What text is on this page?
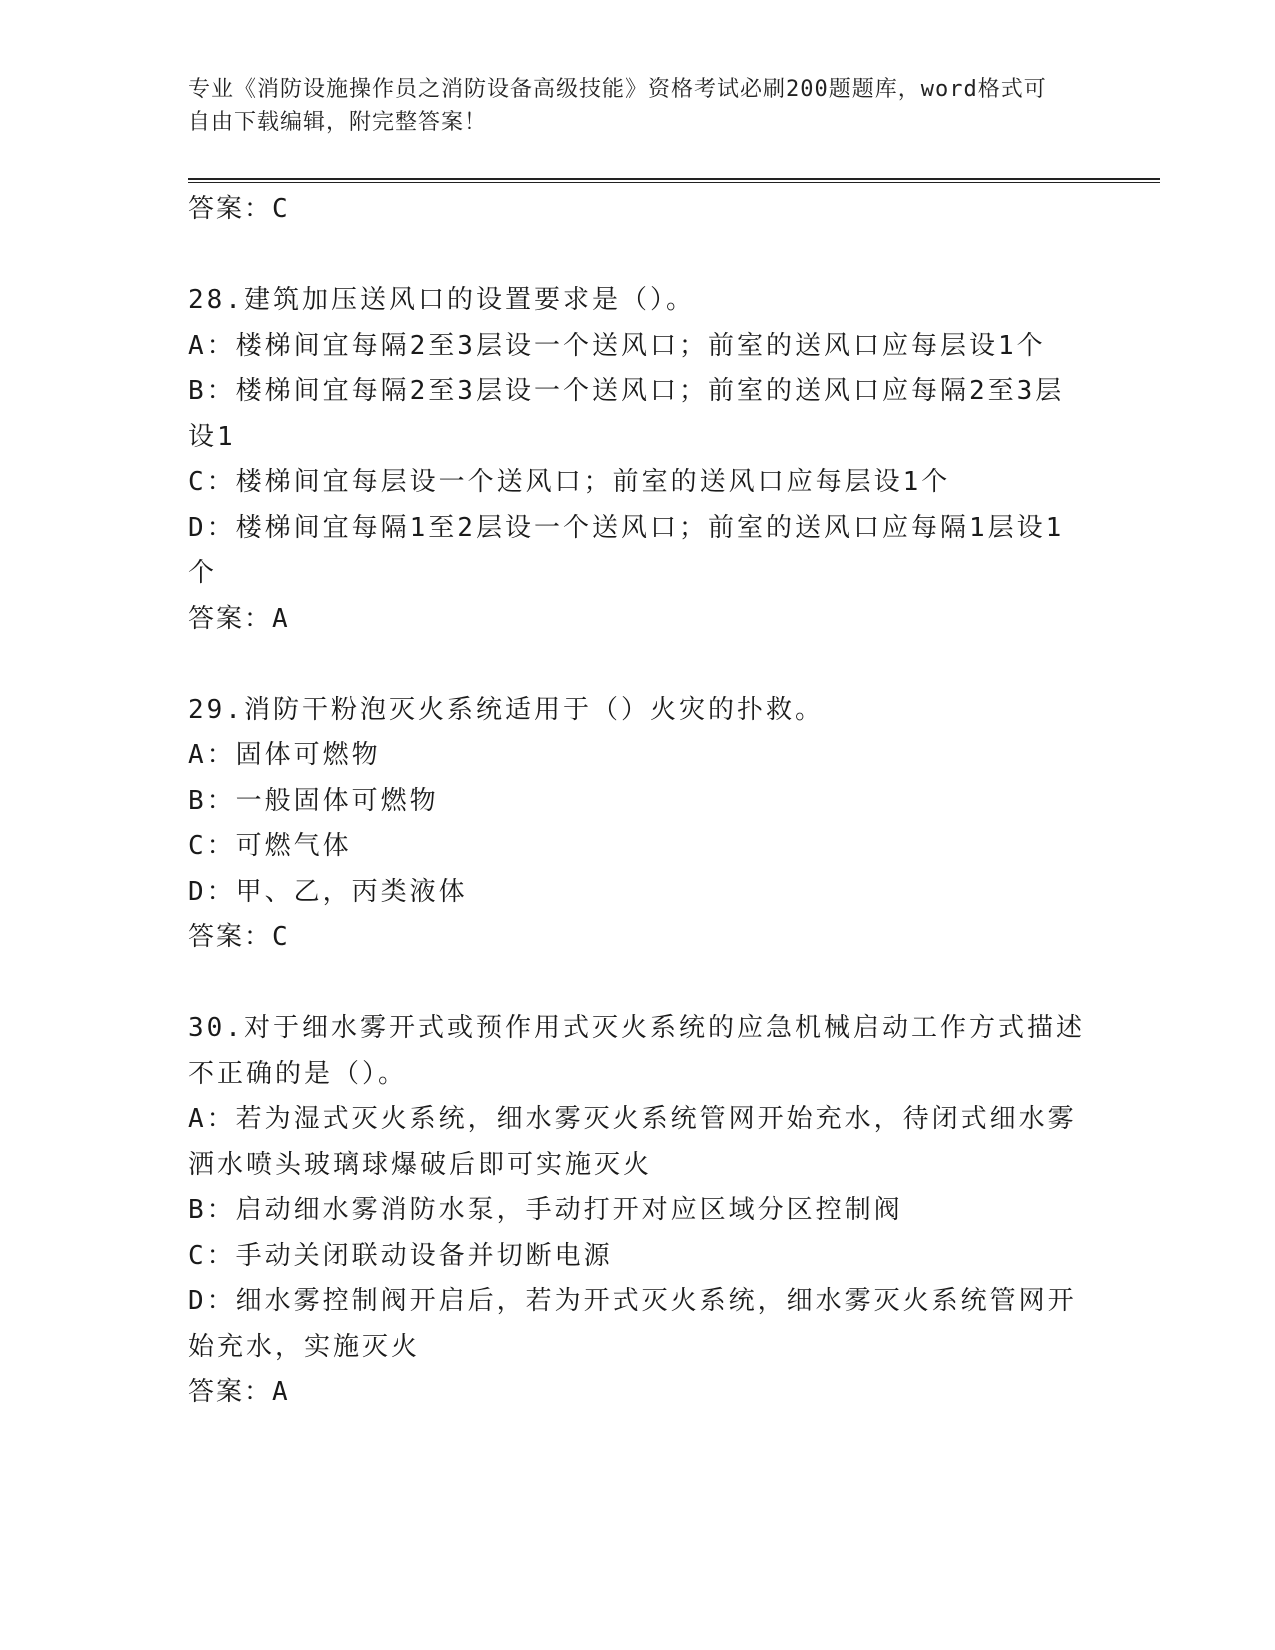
专业《消防设施操作员之消防设备高级技能》资格考试必刷200题题库，word格式可自由下载编辑，附完整答案！

答案：C

28.建筑加压送风口的设置要求是（）。

A：楼梯间宜每隔2至3层设一个送风口；前室的送风口应每层设1个

B：楼梯间宜每隔2至3层设一个送风口；前室的送风口应每隔2至3层设1

C：楼梯间宜每层设一个送风口；前室的送风口应每层设1个

D：楼梯间宜每隔1至2层设一个送风口；前室的送风口应每隔1层设1个

答案：A

29.消防干粉泡灭火系统适用于（）火灾的扑救。

A：固体可燃物

B：一般固体可燃物

C：可燃气体

D：甲、乙，丙类液体

答案：C

30.对于细水雾开式或预作用式灭火系统的应急机械启动工作方式描述不正确的是（）。

A：若为湿式灭火系统，细水雾灭火系统管网开始充水，待闭式细水雾洒水喷头玻璃球爆破后即可实施灭火

B：启动细水雾消防水泵，手动打开对应区域分区控制阀

C：手动关闭联动设备并切断电源

D：细水雾控制阀开启后，若为开式灭火系统，细水雾灭火系统管网开始充水，实施灭火

答案：A
